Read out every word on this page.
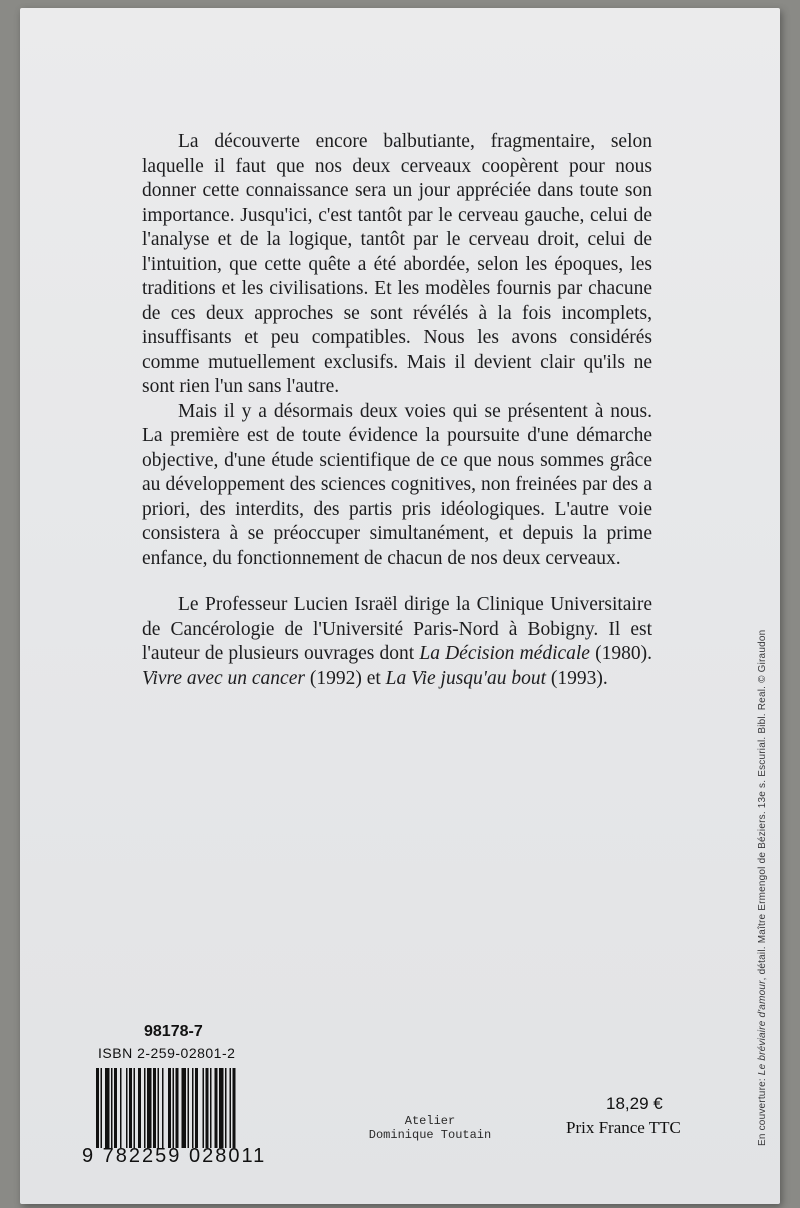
La découverte encore balbutiante, fragmentaire, selon laquelle il faut que nos deux cerveaux coopèrent pour nous donner cette connaissance sera un jour appréciée dans toute son importance. Jusqu'ici, c'est tantôt par le cerveau gauche, celui de l'analyse et de la logique, tantôt par le cerveau droit, celui de l'intuition, que cette quête a été abordée, selon les époques, les traditions et les civilisations. Et les modèles fournis par chacune de ces deux approches se sont révélés à la fois incomplets, insuffisants et peu compatibles. Nous les avons considérés comme mutuellement exclusifs. Mais il devient clair qu'ils ne sont rien l'un sans l'autre.

Mais il y a désormais deux voies qui se présentent à nous. La première est de toute évidence la poursuite d'une démarche objective, d'une étude scientifique de ce que nous sommes grâce au développement des sciences cognitives, non freinées par des a priori, des interdits, des partis pris idéologiques. L'autre voie consistera à se préoccuper simultanément, et depuis la prime enfance, du fonctionnement de chacun de nos deux cerveaux.

Le Professeur Lucien Israël dirige la Clinique Universitaire de Cancérologie de l'Université Paris-Nord à Bobigny. Il est l'auteur de plusieurs ouvrages dont La Décision médicale (1980). Vivre avec un cancer (1992) et La Vie jusqu'au bout (1993).

En couverture: Le bréviaire d'amour, détail. Maître Ermengol de Béziers. 13e s. Escurial. Bibl. Real. © Giraudon
98178-7
ISBN 2-259-02801-2
9 782259 028011
Atelier
Dominique Toutain
18,29 €
Prix France TTC
